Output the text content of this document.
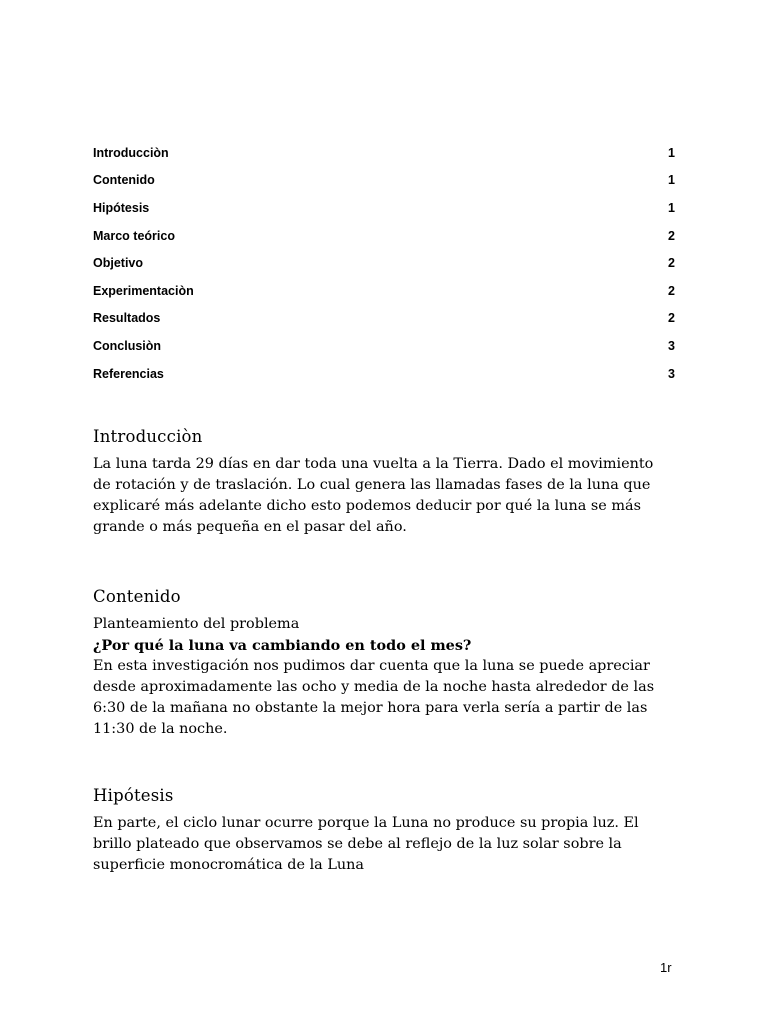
Introducciòn	1
Contenido	1
Hipótesis	1
Marco teórico	2
Objetivo	2
Experimentaciòn	2
Resultados	2
Conclusiòn	3
Referencias	3
Introducciòn

La luna tarda 29 días en dar toda una vuelta a la Tierra. Dado el movimiento de rotación y de traslación. Lo cual genera las llamadas fases de la luna que explicaré más adelante dicho esto podemos deducir por qué la luna se más grande o más pequeña en el pasar del año.

Contenido

Planteamiento del problema

¿Por qué la luna va cambiando en todo el mes?

En esta investigación nos pudimos dar cuenta que la luna se puede apreciar desde aproximadamente las ocho y media de la noche hasta alrededor de las 6:30 de la mañana no obstante la mejor hora para verla sería a partir de las 11:30 de la noche.

Hipótesis

En parte, el ciclo lunar ocurre porque la Luna no produce su propia luz. El brillo plateado que observamos se debe al reflejo de la luz solar sobre la superficie monocromática de la Luna

1r
